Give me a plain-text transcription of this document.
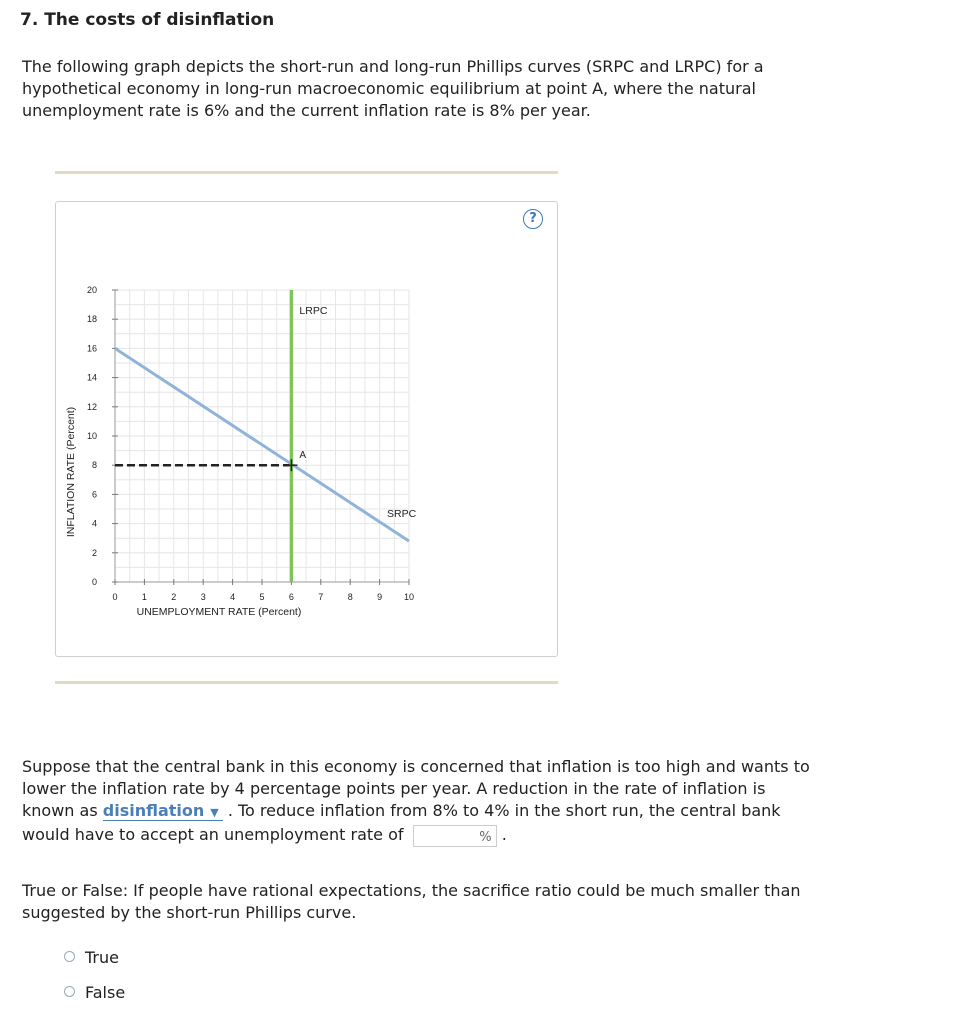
7. The costs of disinflation

The following graph depicts the short-run and long-run Phillips curves (SRPC and LRPC) for a
hypothetical economy in long-run macroeconomic equilibrium at point A, where the natural
unemployment rate is 6% and the current inflation rate is 8% per year.

?
0
2
4
6
8
10
12
14
16
18
20
0	1	2	3	4	5	6	7	8	9 10
SRPC
LRPC
A
UNEMPLOYMENT RATE (Percent)
INFLATION RATE (Percent)

Suppose that the central bank in this economy is concerned that inflation is too high and wants to
lower the inflation rate by 4 percentage points per year. A reduction in the rate of inflation is
known as disinflation ▼ . To reduce inflation from 8% to 4% in the short run, the central bank
would have to accept an unemployment rate of	% .

True or False: If people have rational expectations, the sacrifice ratio could be much smaller than
suggested by the short-run Phillips curve.

True
False
